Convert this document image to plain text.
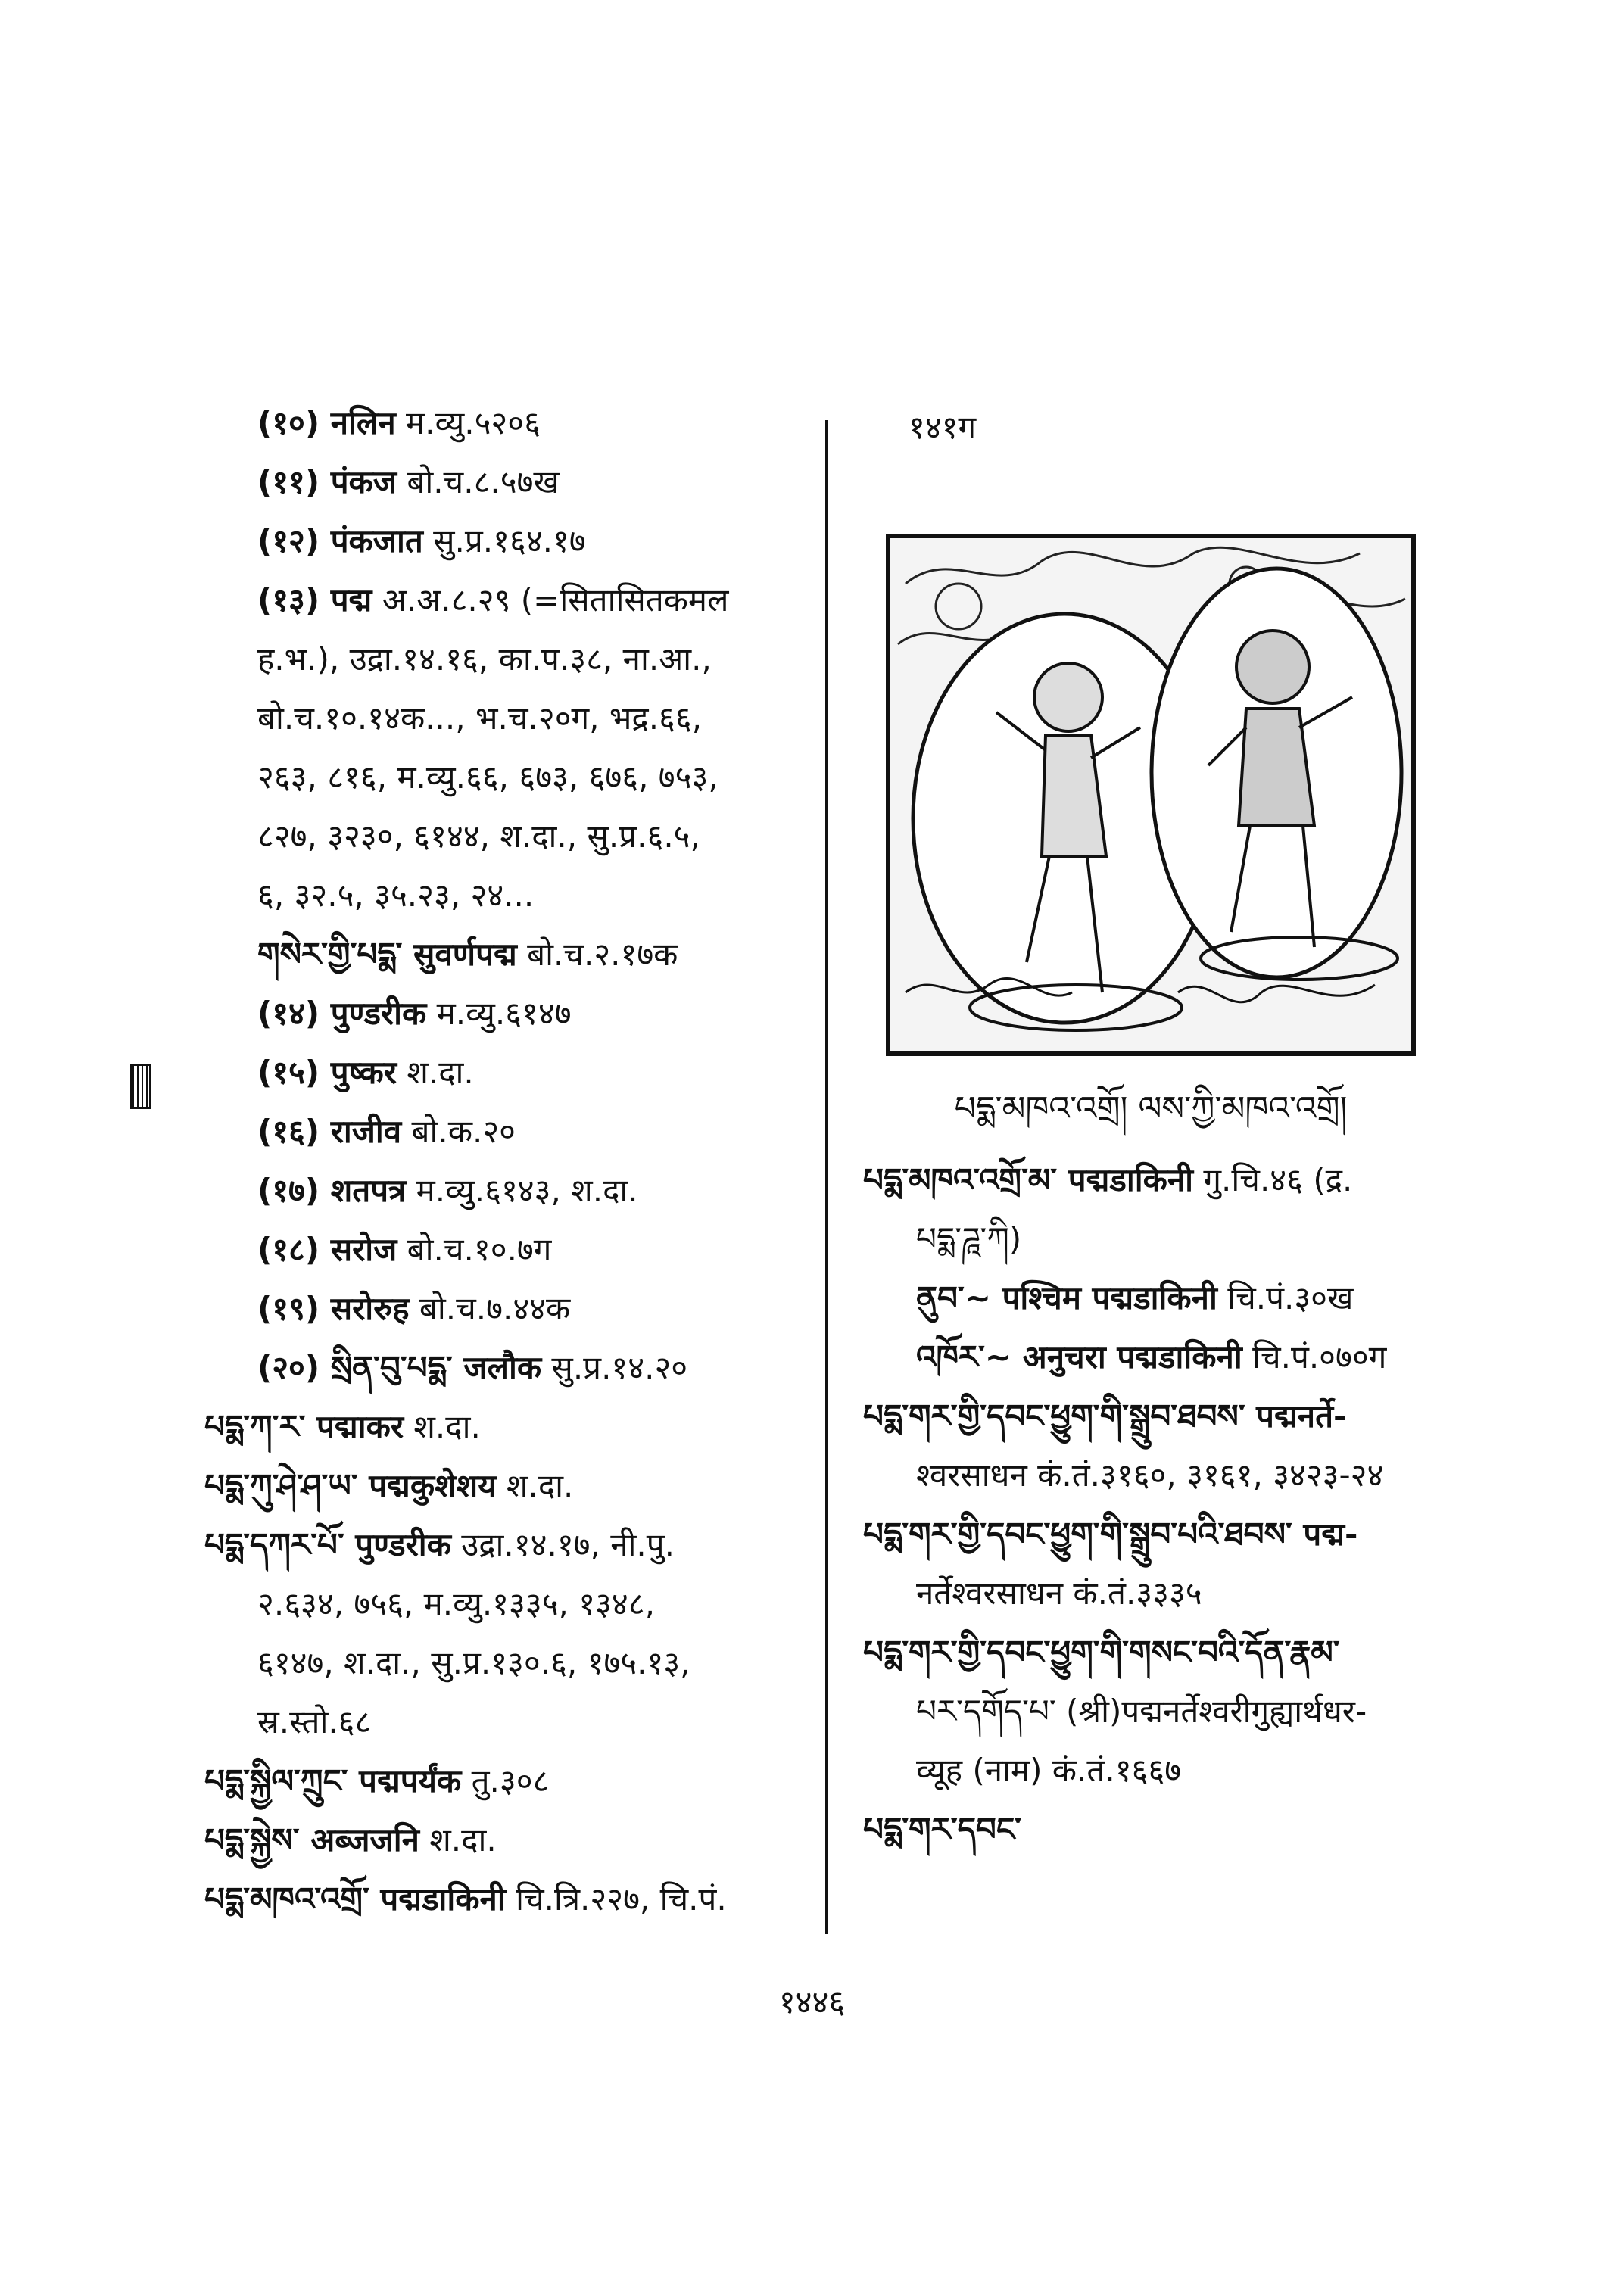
१४१ग
(१०) नलिन म.व्यु.५२०६
(११) पंकज बो.च.८.५७ख
(१२) पंकजात सु.प्र.१६४.१७
(१३) पद्म अ.अ.८.२९ (=सितासितकमल
ह.भ.), उद्रा.१४.१६, का.प.३८, ना.आ.,
बो.च.१०.१४क..., भ.च.२०ग, भद्र.६६,
२६३, ८१६, म.व्यु.६६, ६७३, ६७६, ७५३,
८२७, ३२३०, ६१४४, श.दा., सु.प्र.६.५,
६, ३२.५, ३५.२३, २४...
གསེར་གྱི་པདྨ་ सुवर्णपद्म बो.च.२.१७क
(१४) पुण्डरीक म.व्यु.६१४७
(१५) पुष्कर श.दा.
(१६) राजीव बो.क.२०
(१७) शतपत्र म.व्यु.६१४३, श.दा.
(१८) सरोज बो.च.१०.७ग
(१९) सरोरुह बो.च.७.४४क
(२०) སྲིན་བུ་པདྨ་ जलौक सु.प्र.१४.२०
པདྨ་ཀ་ར་ पद्माकर श.दा.
པདྨ་ཀུ་ཤེ་ཤ་ཡ་ पद्मकुशेशय श.दा.
པདྨ་དཀར་པོ་ पुण्डरीक उद्रा.१४.१७, नी.पु.
२.६३४, ७५६, म.व्यु.१३३५, १३४८,
६१४७, श.दा., सु.प्र.१३०.६, १७५.१३,
स्र.स्तो.६८
པདྨ་སྐྱིལ་ཀྲུང་ पद्मपर्यंक तु.३०८
པདྨ་སྐྱེས་ अब्जजनि श.दा.
པདྨ་མཁའ་འགྲོ་ पद्मडाकिनी चि.त्रि.२२७, चि.पं.
པདྨ་མཁའ་འགྲོ། ལས་ཀྱི་མཁའ་འགྲོ།
པདྨ་མཁའ་འགྲོ་མ་ पद्मडाकिनी गु.चि.४६ (द्र.
པདྨ་ཌཱ་ཀི)
ནུབ་~ पश्चिम पद्मडाकिनी चि.पं.३०ख
འཁོར་~ अनुचरा पद्मडाकिनी चि.पं.०७०ग
པདྨ་གར་གྱི་དབང་ཕྱུག་གི་སྒྲུབ་ཐབས་ पद्मनर्ते-
श्वरसाधन कं.तं.३१६०, ३१६१, ३४२३-२४
པདྨ་གར་གྱི་དབང་ཕྱུག་གི་སྒྲུབ་པའི་ཐབས་ पद्म-
नर्तेश्वरसाधन कं.तं.३३३५
པདྨ་གར་གྱི་དབང་ཕྱུག་གི་གསང་བའི་དོན་རྣམ་
པར་དགོད་པ་ (श्री)पद्मनर्तेश्वरीगुह्यार्थधर-
व्यूह (नाम) कं.तं.१६६७
པདྨ་གར་དབང་
१४४६
